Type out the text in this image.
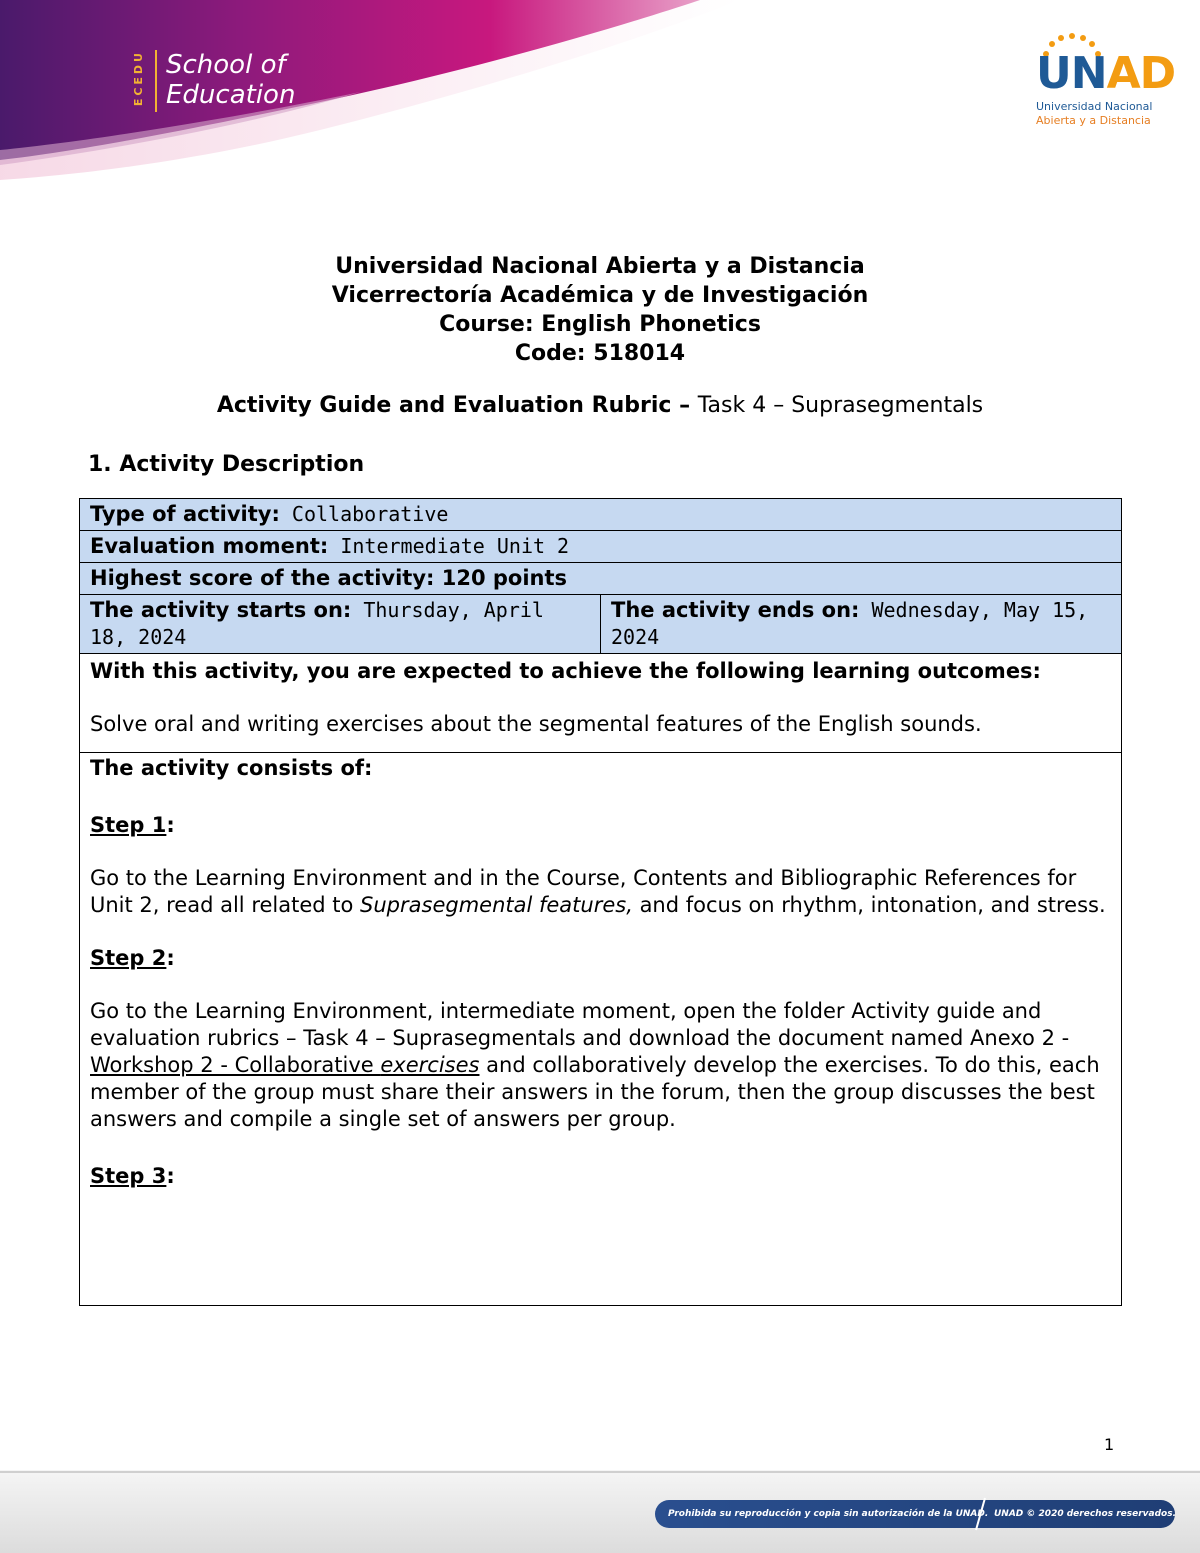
ECEDU School of
Education	UNAD
Universidad Nacional
Abierta y a Distancia
Universidad Nacional Abierta y a Distancia
Vicerrectoría Académica y de Investigación
Course: English Phonetics
Code: 518014
Activity Guide and Evaluation Rubric – Task 4 – Suprasegmentals
1. Activity Description
Type of activity: Collaborative
Evaluation moment: Intermediate Unit 2
Highest score of the activity: 120 points
The activity starts on: Thursday, April 18, 2024	The activity ends on: Wednesday, May 15, 2024
With this activity, you are expected to achieve the following learning outcomes:
Solve oral and writing exercises about the segmental features of the English sounds.

The activity consists of:
Step 1:
Go to the Learning Environment and in the Course, Contents and Bibliographic References for Unit 2, read all related to Suprasegmental features, and focus on rhythm, intonation, and stress.
Step 2:
Go to the Learning Environment, intermediate moment, open the folder Activity guide and evaluation rubrics – Task 4 – Suprasegmentals and download the document named Anexo 2 - Workshop 2 - Collaborative exercises and collaboratively develop the exercises. To do this, each member of the group must share their answers in the forum, then the group discusses the best answers and compile a single set of answers per group.
Step 3:
1
Prohibida su reproducción y copia sin autorización de la UNAD. UNAD © 2020 derechos reservados.
